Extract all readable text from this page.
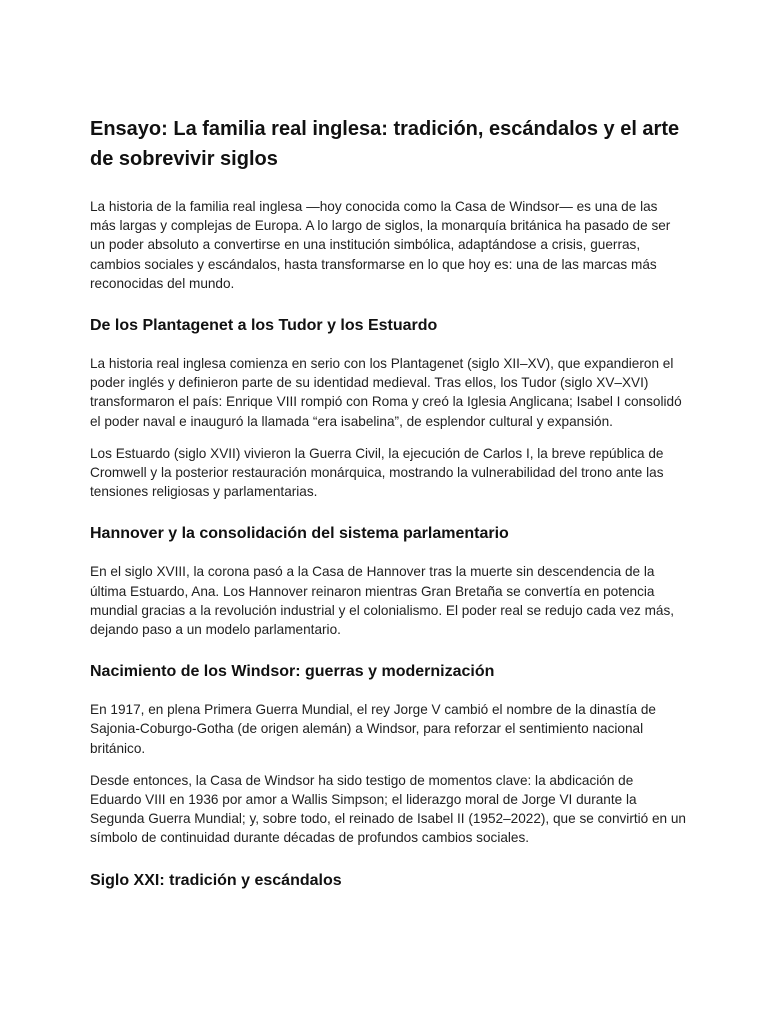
Ensayo: La familia real inglesa: tradición, escándalos y el arte de sobrevivir siglos

La historia de la familia real inglesa —hoy conocida como la Casa de Windsor— es una de las más largas y complejas de Europa. A lo largo de siglos, la monarquía británica ha pasado de ser un poder absoluto a convertirse en una institución simbólica, adaptándose a crisis, guerras, cambios sociales y escándalos, hasta transformarse en lo que hoy es: una de las marcas más reconocidas del mundo.

De los Plantagenet a los Tudor y los Estuardo

La historia real inglesa comienza en serio con los Plantagenet (siglo XII–XV), que expandieron el poder inglés y definieron parte de su identidad medieval. Tras ellos, los Tudor (siglo XV–XVI) transformaron el país: Enrique VIII rompió con Roma y creó la Iglesia Anglicana; Isabel I consolidó el poder naval e inauguró la llamada “era isabelina”, de esplendor cultural y expansión.

Los Estuardo (siglo XVII) vivieron la Guerra Civil, la ejecución de Carlos I, la breve república de Cromwell y la posterior restauración monárquica, mostrando la vulnerabilidad del trono ante las tensiones religiosas y parlamentarias.

Hannover y la consolidación del sistema parlamentario

En el siglo XVIII, la corona pasó a la Casa de Hannover tras la muerte sin descendencia de la última Estuardo, Ana. Los Hannover reinaron mientras Gran Bretaña se convertía en potencia mundial gracias a la revolución industrial y el colonialismo. El poder real se redujo cada vez más, dejando paso a un modelo parlamentario.

Nacimiento de los Windsor: guerras y modernización

En 1917, en plena Primera Guerra Mundial, el rey Jorge V cambió el nombre de la dinastía de Sajonia-Coburgo-Gotha (de origen alemán) a Windsor, para reforzar el sentimiento nacional británico.

Desde entonces, la Casa de Windsor ha sido testigo de momentos clave: la abdicación de Eduardo VIII en 1936 por amor a Wallis Simpson; el liderazgo moral de Jorge VI durante la Segunda Guerra Mundial; y, sobre todo, el reinado de Isabel II (1952–2022), que se convirtió en un símbolo de continuidad durante décadas de profundos cambios sociales.

Siglo XXI: tradición y escándalos
